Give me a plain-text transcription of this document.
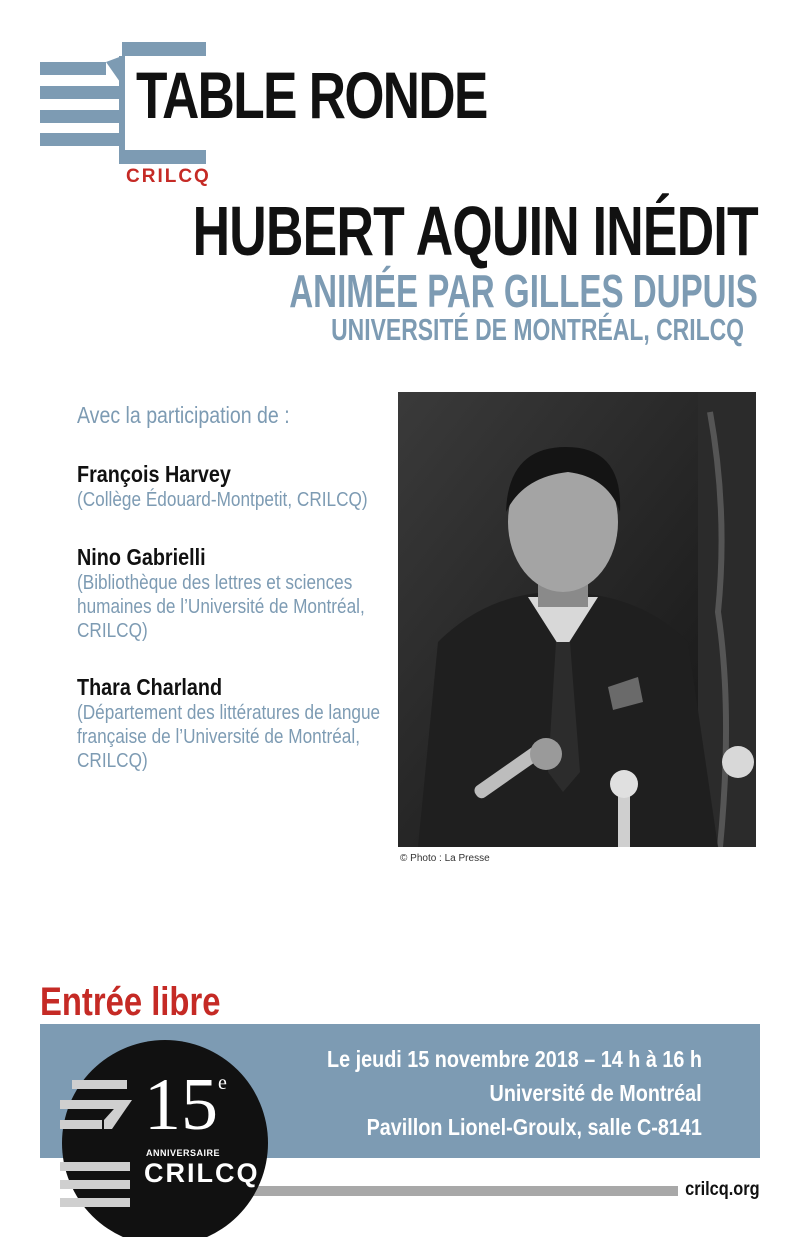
TABLE RONDE
CRILCQ
HUBERT AQUIN INÉDIT
ANIMÉE PAR GILLES DUPUIS
UNIVERSITÉ DE MONTRÉAL, CRILCQ
Avec la participation de :
François Harvey
(Collège Édouard-Montpetit, CRILCQ)
Nino Gabrielli
(Bibliothèque des lettres et sciences humaines de l’Université de Montréal, CRILCQ)
Thara Charland
(Département des littératures de langue française de l’Université de Montréal, CRILCQ)
© Photo : La Presse
Entrée libre
Le jeudi 15 novembre 2018 – 14 h à 16 h
Université de Montréal
Pavillon Lionel-Groulx, salle C-8141
crilcq.org
15 e
ANNIVERSAIRE
CRILCQ
